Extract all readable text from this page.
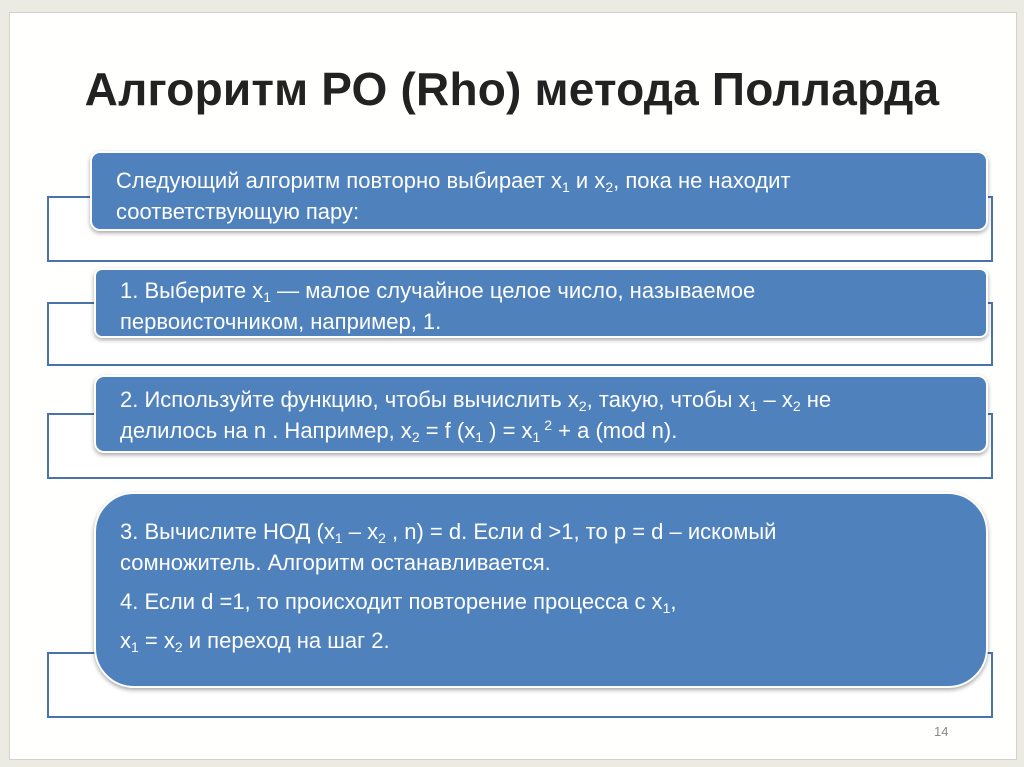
Алгоритм РО (Rho) метода Полларда
Следующий алгоритм повторно выбирает $x_1$ и $x_2$, пока не находит
соответствующую пару:
1. Выберите $x_1$ — малое случайное целое число, называемое
первоисточником, например, 1.
2. Используйте функцию, чтобы вычислить $x_2$, такую, чтобы $x_1 - x_2$ не
делилось на n . Например, $x_2 = f$ ($x_1$ ) = $x_1$ $^2$ + a (mod n).
3. Вычислите НОД ($x_1 - x_2$ , n) = d. Если d >1, то p = d – искомый
сомножитель. Алгоритм останавливается.
4. Если d =1, то происходит повторение процесса с $x_1$,
$x_1 = x_2$ и переход на шаг 2.
14
